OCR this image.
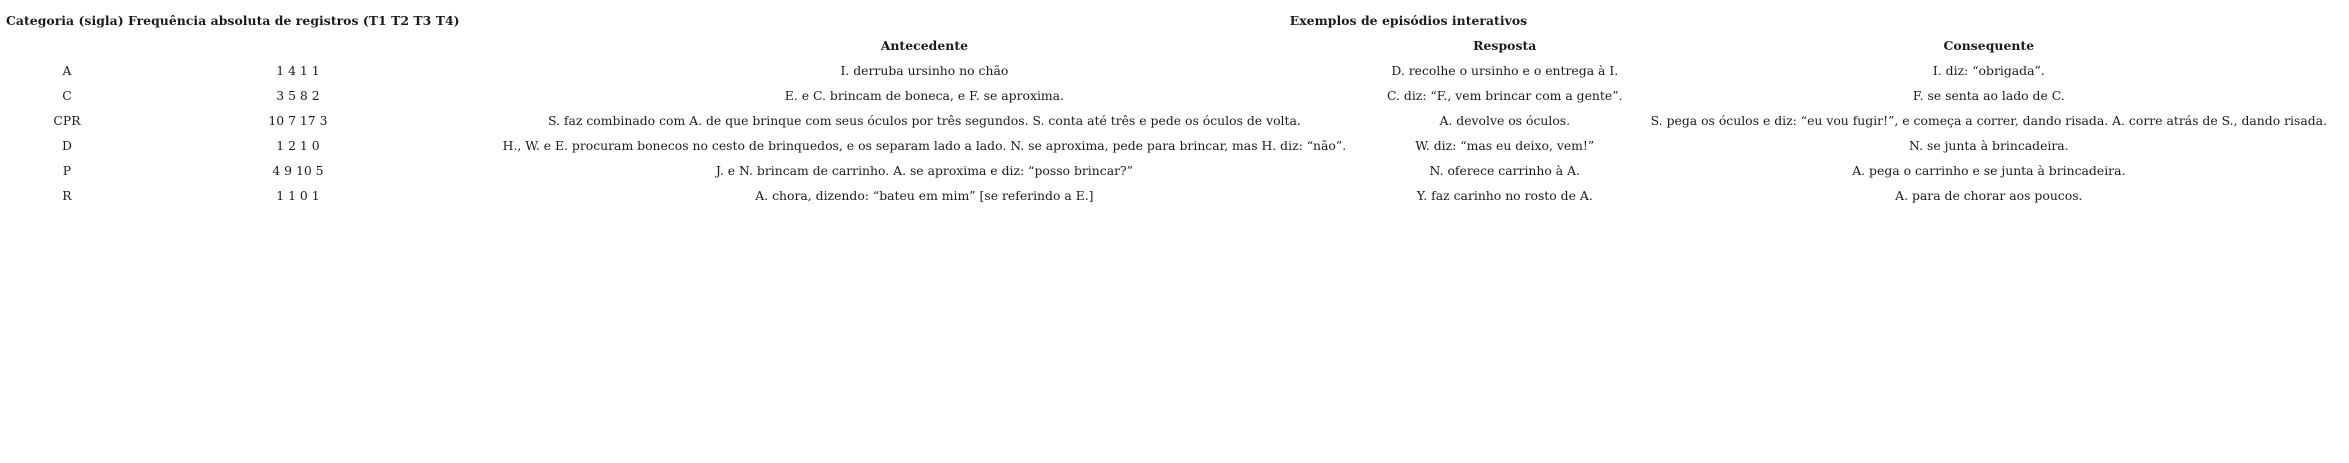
Categoria (sigla)	Frequência absoluta de registros (T1 T2 T3 T4)	Exemplos de episódios interativos		
		Antecedente	Resposta	Consequente
A	1 4 1 1	I. derruba ursinho no chão	D. recolhe o ursinho e o entrega à I.	I. diz: “obrigada”.
C	3 5 8 2	E. e C. brincam de boneca, e F. se aproxima.	C. diz: “F., vem brincar com a gente”.	F. se senta ao lado de C.
CPR	10 7 17 3	S. faz combinado com A. de que brinque com seus óculos por três segundos. S. conta até três e pede os óculos de volta.	A. devolve os óculos.	S. pega os óculos e diz: “eu vou fugir!”, e começa a correr, dando risada. A. corre atrás de S., dando risada.
D	1 2 1 0	H., W. e E. procuram bonecos no cesto de brinquedos, e os separam lado a lado. N. se aproxima, pede para brincar, mas H. diz: “não”.	W. diz: “mas eu deixo, vem!”	N. se junta à brincadeira.
P	4 9 10 5	J. e N. brincam de carrinho. A. se aproxima e diz: “posso brincar?”	N. oferece carrinho à A.	A. pega o carrinho e se junta à brincadeira.
R	1 1 0 1	A. chora, dizendo: “bateu em mim” [se referindo a E.]	Y. faz carinho no rosto de A.	A. para de chorar aos poucos.
